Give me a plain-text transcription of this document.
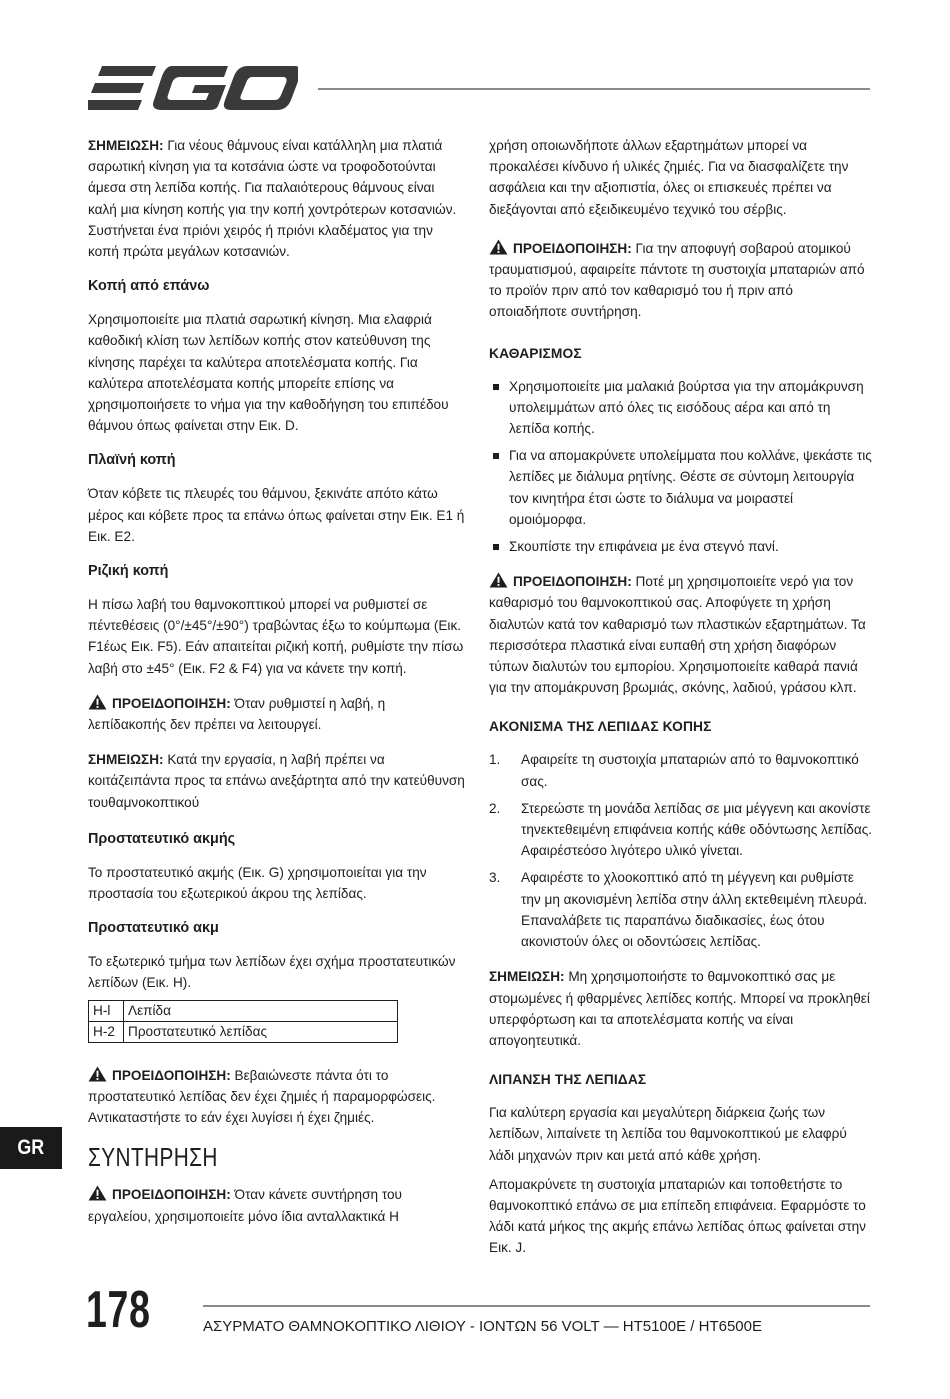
ΣΗΜΕΙΩΣΗ: Για νέους θάμνους είναι κατάλληλη μια πλατιά σαρωτική κίνηση για τα κοτσάνια ώστε να τροφοδοτούνται άμεσα στη λεπίδα κοπής. Για παλαιότερους θάμνους είναι καλή μια κίνηση κοπής για την κοπή χοντρότερων κοτσανιών. Συστήνεται ένα πριόνι χειρός ή πριόνι κλαδέματος για την κοπή πρώτα μεγάλων κοτσανιών.

Κοπή από επάνω

Χρησιμοποιείτε μια πλατιά σαρωτική κίνηση. Μια ελαφριά καθοδική κλίση των λεπίδων κοπής στον κατεύθυνση της κίνησης παρέχει τα καλύτερα αποτελέσματα κοπής. Για καλύτερα αποτελέσματα κοπής μπορείτε επίσης να χρησιμοποιήσετε το νήμα για την καθοδήγηση του επιπέδου θάμνου όπως φαίνεται στην Εικ. D.

Πλαϊνή κοπή

Όταν κόβετε τις πλευρές του θάμνου, ξεκινάτε απότο κάτω μέρος και κόβετε προς τα επάνω όπως φαίνεται στην Εικ. E1 ή Εικ. E2.

Ριζική κοπή

Η πίσω λαβή του θαμνοκοπτικού μπορεί να ρυθμιστεί σε πέντεθέσεις (0°/±45°/±90°) τραβώντας έξω το κούμπωμα (Εικ. F1έως Εικ. F5). Εάν απαιτείται ριζική κοπή, ρυθμίστε την πίσω λαβή στο ±45° (Εικ. F2 & F4) για να κάνετε την κοπή.

ΠΡΟΕΙΔΟΠΟΙΗΣΗ: Όταν ρυθμιστεί η λαβή, η λεπίδακοπής δεν πρέπει να λειτουργεί.

ΣΗΜΕΙΩΣΗ: Κατά την εργασία, η λαβή πρέπει να κοιτάζειπάντα προς τα επάνω ανεξάρτητα από την κατεύθυνση τουθαμνοκοπτικού

Προστατευτικό ακμής

Το προστατευτικό ακμής (Εικ. G) χρησιμοποιείται για την προστασία του εξωτερικού άκρου της λεπίδας.

Προστατευτικό ακμ

Το εξωτερικό τμήμα των λεπίδων έχει σχήμα προστατευτικών λεπίδων (Εικ. H).

H-l	Λεπίδα
H-2	Προστατευτικό λεπίδας

ΠΡΟΕΙΔΟΠΟΙΗΣΗ: Βεβαιώνεστε πάντα ότι το προστατευτικό λεπίδας δεν έχει ζημιές ή παραμορφώσεις. Αντικαταστήστε το εάν έχει λυγίσει ή έχει ζημιές.

ΣΥΝΤΗΡΗΣΗ

ΠΡΟΕΙΔΟΠΟΙΗΣΗ: Όταν κάνετε συντήρηση του εργαλείου, χρησιμοποιείτε μόνο ίδια ανταλλακτικά Η

χρήση οποιωνδήποτε άλλων εξαρτημάτων μπορεί να προκαλέσει κίνδυνο ή υλικές ζημιές. Για να διασφαλίζετε την ασφάλεια και την αξιοπιστία, όλες οι επισκευές πρέπει να διεξάγονται από εξειδικευμένο τεχνικό του σέρβις.

ΠΡΟΕΙΔΟΠΟΙΗΣΗ: Για την αποφυγή σοβαρού ατομικού τραυματισμού, αφαιρείτε πάντοτε τη συστοιχία μπαταριών από το προϊόν πριν από τον καθαρισμό του ή πριν από οποιαδήποτε συντήρηση.

ΚΑΘΑΡΙΣΜΟΣ
Χρησιμοποιείτε μια μαλακιά βούρτσα για την απομάκρυνση υπολειμμάτων από όλες τις εισόδους αέρα και από τη λεπίδα κοπής.
Για να απομακρύνετε υπολείμματα που κολλάνε, ψεκάστε τις λεπίδες με διάλυμα ρητίνης. Θέστε σε σύντομη λειτουργία τον κινητήρα έτσι ώστε το διάλυμα να μοιραστεί ομοιόμορφα.
Σκουπίστε την επιφάνεια με ένα στεγνό πανί.

ΠΡΟΕΙΔΟΠΟΙΗΣΗ: Ποτέ μη χρησιμοποιείτε νερό για τον καθαρισμό του θαμνοκοπτικού σας. Αποφύγετε τη χρήση διαλυτών κατά τον καθαρισμό των πλαστικών εξαρτημάτων. Τα περισσότερα πλαστικά είναι ευπαθή στη χρήση διαφόρων τύπων διαλυτών του εμπορίου. Χρησιμοποιείτε καθαρά πανιά για την απομάκρυνση βρωμιάς, σκόνης, λαδιού, γράσου κλπ.

ΑΚΟΝΙΣΜΑ ΤΗΣ ΛΕΠΙΔΑΣ ΚΟΠΗΣ
1. Αφαιρείτε τη συστοιχία μπαταριών από το θαμνοκοπτικό σας.
2. Στερεώστε τη μονάδα λεπίδας σε μια μέγγενη και ακονίστε τηνεκτεθειμένη επιφάνεια κοπής κάθε οδόντωσης λεπίδας. Αφαιρέστεόσο λιγότερο υλικό γίνεται.
3. Αφαιρέστε το χλοοκοπτικό από τη μέγγενη και ρυθμίστε την μη ακονισμένη λεπίδα στην άλλη εκτεθειμένη πλευρά. Επαναλάβετε τις παραπάνω διαδικασίες, έως ότου ακονιστούν όλες οι οδοντώσεις λεπίδας.

ΣΗΜΕΙΩΣΗ: Μη χρησιμοποιήστε το θαμνοκοπτικό σας με στομωμένες ή φθαρμένες λεπίδες κοπής. Μπορεί να προκληθεί υπερφόρτωση και τα αποτελέσματα κοπής να είναι απογοητευτικά.

ΛΙΠΑΝΣΗ ΤΗΣ ΛΕΠΙΔΑΣ

Για καλύτερη εργασία και μεγαλύτερη διάρκεια ζωής των λεπίδων, λιπαίνετε τη λεπίδα του θαμνοκοπτικού με ελαφρύ λάδι μηχανών πριν και μετά από κάθε χρήση.

Απομακρύνετε τη συστοιχία μπαταριών και τοποθετήστε το θαμνοκοπτικό επάνω σε μια επίπεδη επιφάνεια. Εφαρμόστε το λάδι κατά μήκος της ακμής επάνω λεπίδας όπως φαίνεται στην Εικ. J.

GR
178	ΑΣΥΡΜΑΤΟ ΘΑΜΝΟΚΟΠΤΙΚΟ ΛΙΘΙΟΥ - ΙΟΝΤΩΝ 56 VOLT — HT5100E / HT6500E
